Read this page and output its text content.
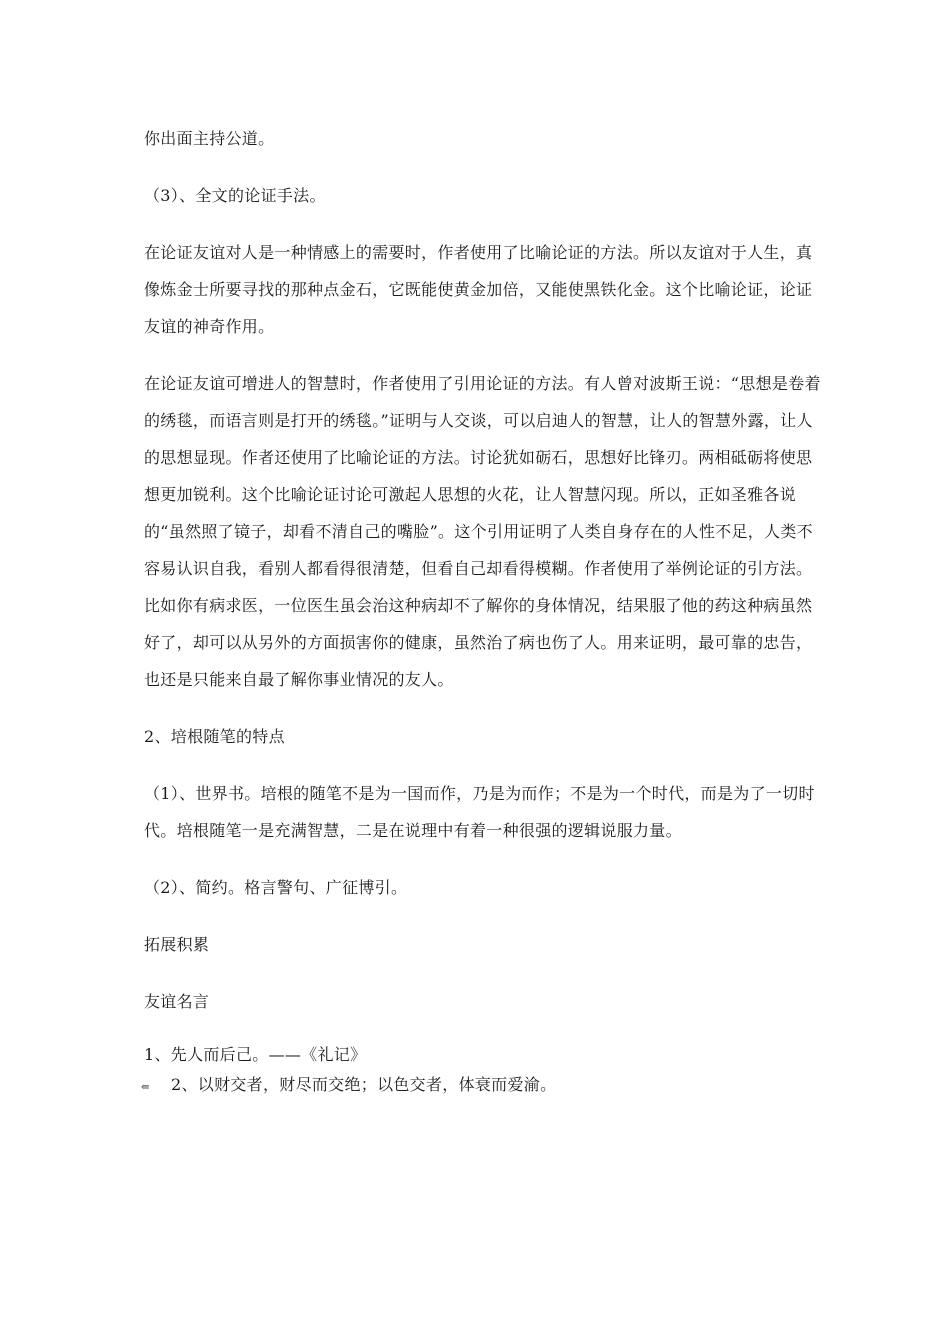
你出面主持公道。

（3）、全文的论证手法。

在论证友谊对人是一种情感上的需要时，作者使用了比喻论证的方法。所以友谊对于人生，真像炼金士所要寻找的那种点金石，它既能使黄金加倍，又能使黑铁化金。这个比喻论证，论证友谊的神奇作用。

在论证友谊可增进人的智慧时，作者使用了引用论证的方法。有人曾对波斯王说：“思想是卷着的绣毯，而语言则是打开的绣毯。”证明与人交谈，可以启迪人的智慧，让人的智慧外露，让人的思想显现。作者还使用了比喻论证的方法。讨论犹如砺石，思想好比锋刃。两相砥砺将使思想更加锐利。这个比喻论证讨论可激起人思想的火花，让人智慧闪现。所以，正如圣雅各说的“虽然照了镜子，却看不清自己的嘴脸”。这个引用证明了人类自身存在的人性不足，人类不容易认识自我，看别人都看得很清楚，但看自己却看得模糊。作者使用了举例论证的引方法。比如你有病求医，一位医生虽会治这种病却不了解你的身体情况，结果服了他的药这种病虽然好了，却可以从另外的方面损害你的健康，虽然治了病也伤了人。用来证明，最可靠的忠告，也还是只能来自最了解你事业情况的友人。

2、培根随笔的特点

（1）、世界书。培根的随笔不是为一国而作，乃是为而作；不是为一个时代，而是为了一切时代。培根随笔一是充满智慧，二是在说理中有着一种很强的逻辑说服力量。

（2）、简约。格言警句、广征博引。

拓展积累

友谊名言

1、先人而后己。——《礼记》

⇚ 2、以财交者，财尽而交绝；以色交者，体衰而爱渝。
